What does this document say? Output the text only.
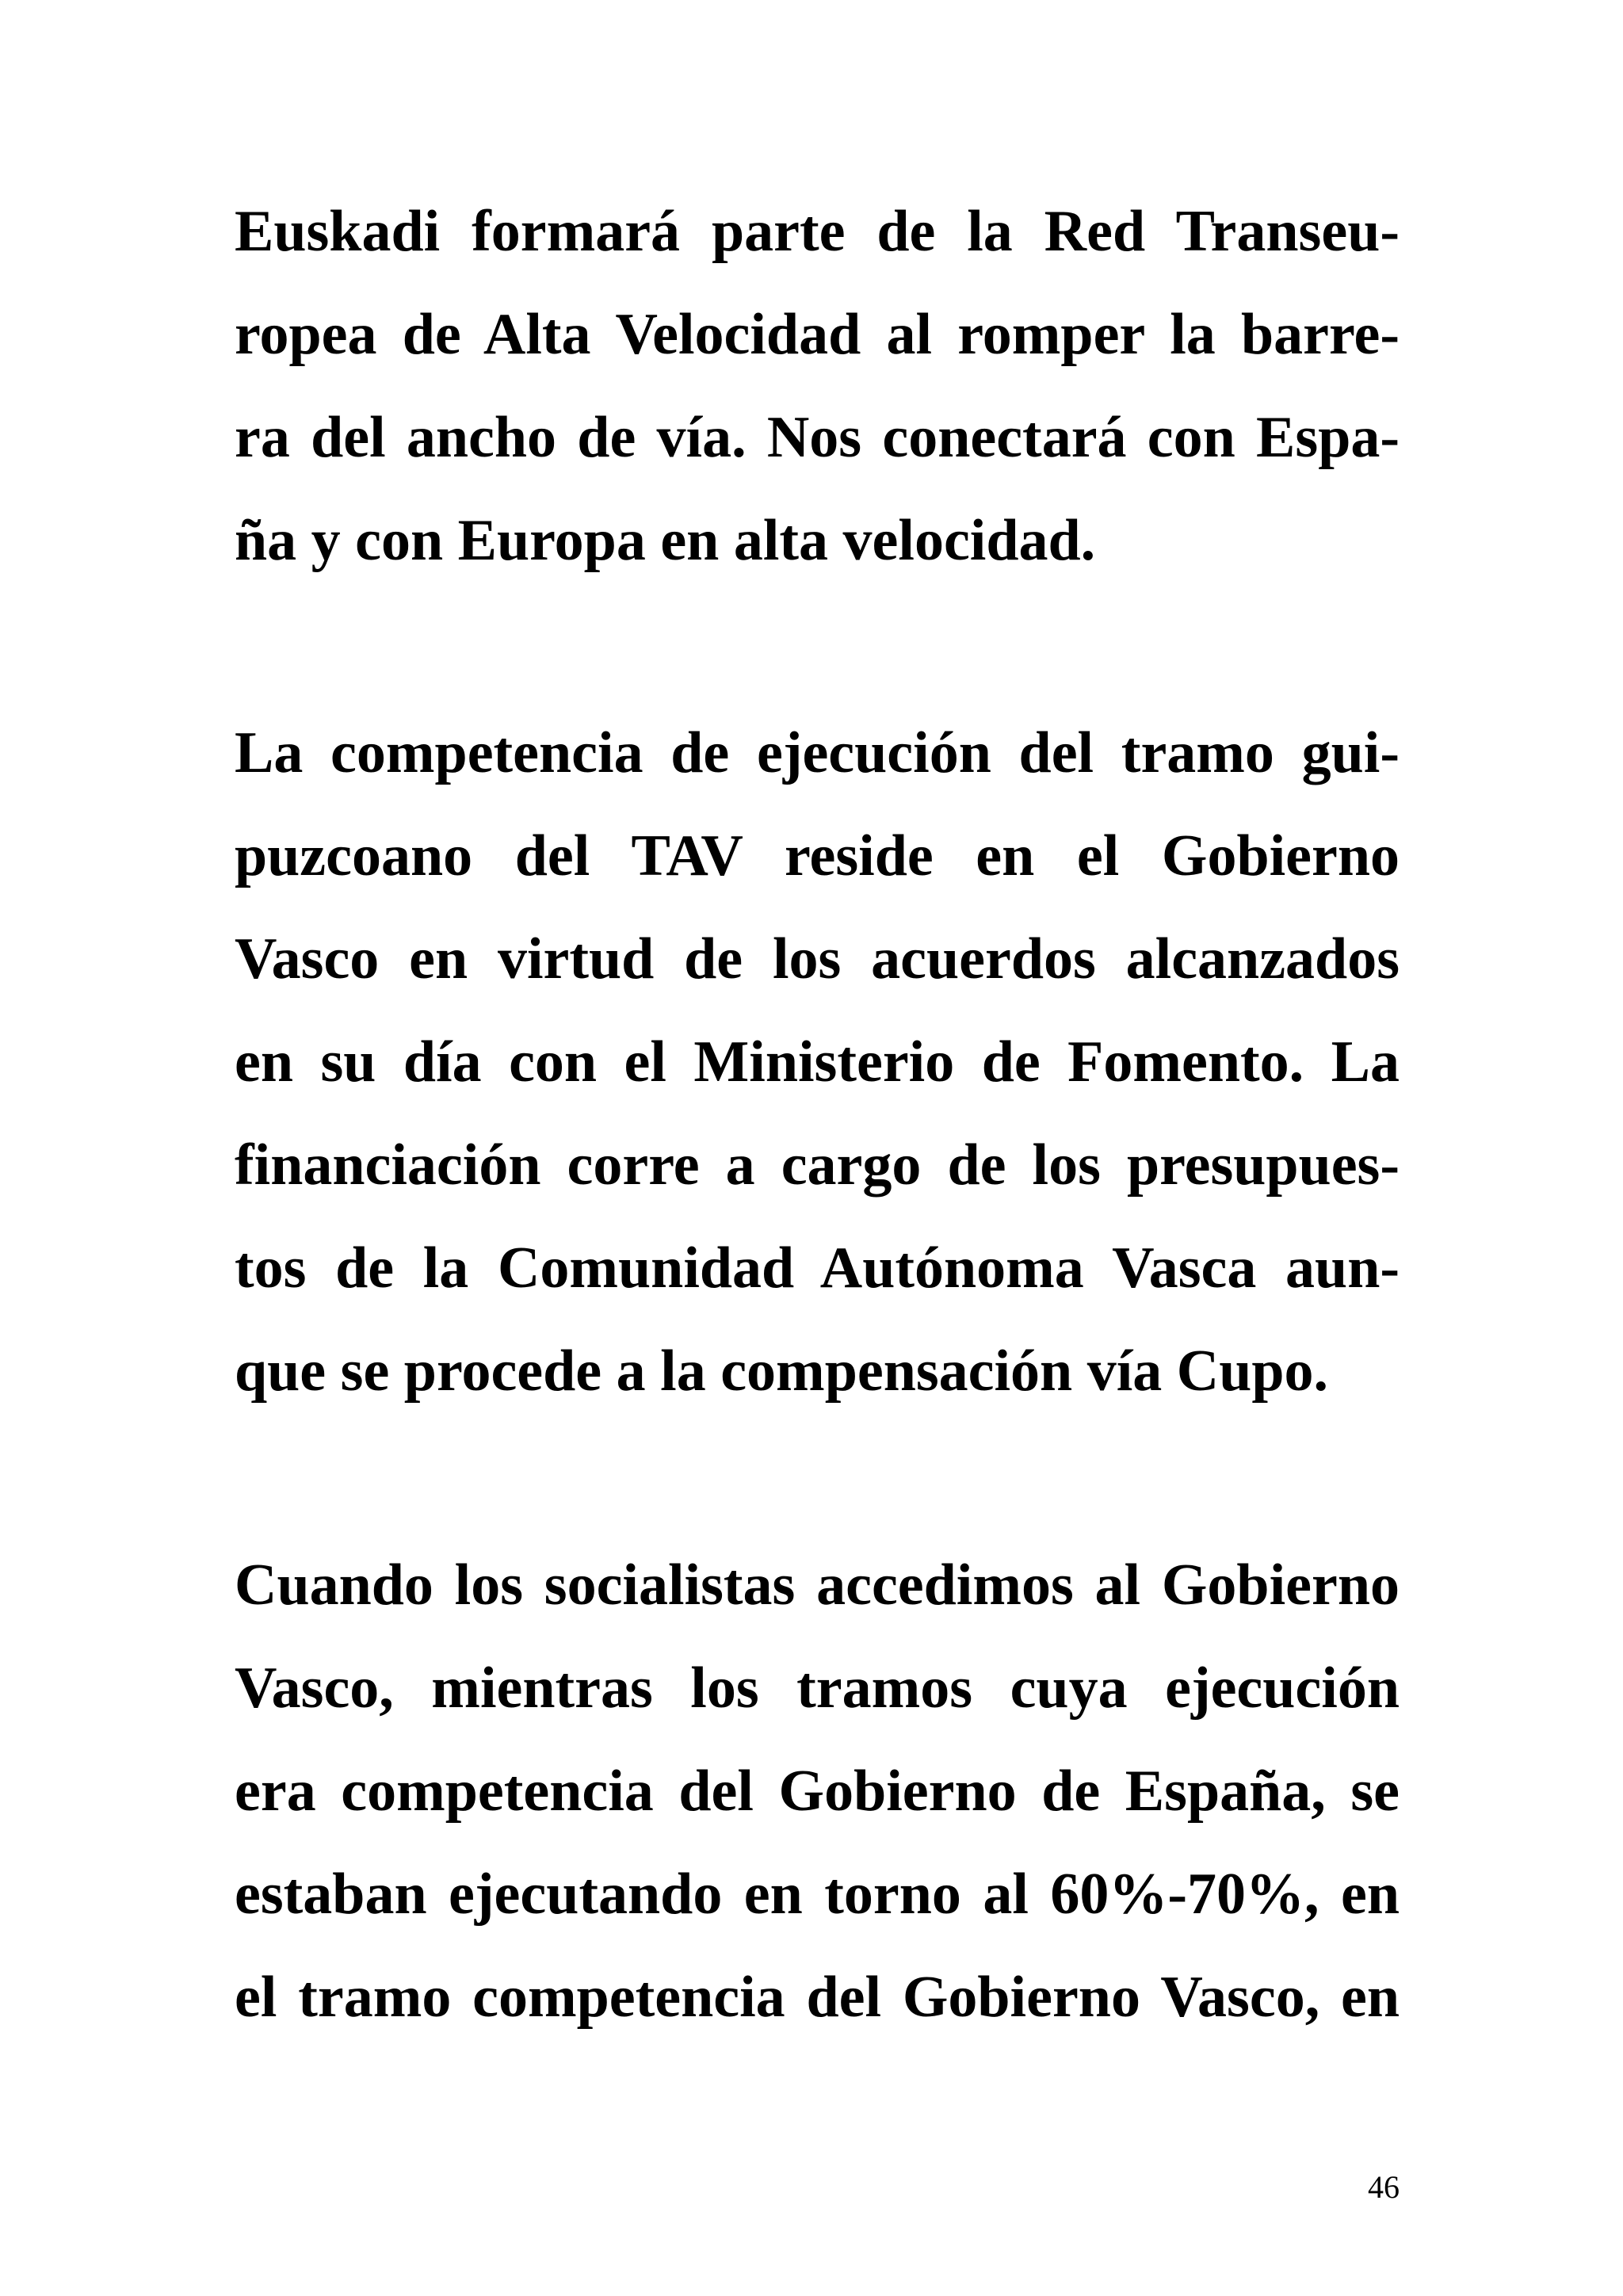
Euskadi formará parte de la Red Transeu-
ropea de Alta Velocidad al romper la barre-
ra del ancho de vía. Nos conectará con Espa-
ña y con Europa en alta velocidad.
La competencia de ejecución del tramo gui-
puzcoano del TAV reside en el Gobierno
Vasco en virtud de los acuerdos alcanzados
en su día con el Ministerio de Fomento. La
financiación corre a cargo de los presupues-
tos de la Comunidad Autónoma Vasca aun-
que se procede a la compensación vía Cupo.
Cuando los socialistas accedimos al Gobierno
Vasco, mientras los tramos cuya ejecución
era competencia del Gobierno de España, se
estaban ejecutando en torno al 60%-70%, en
el tramo competencia del Gobierno Vasco, en
46
